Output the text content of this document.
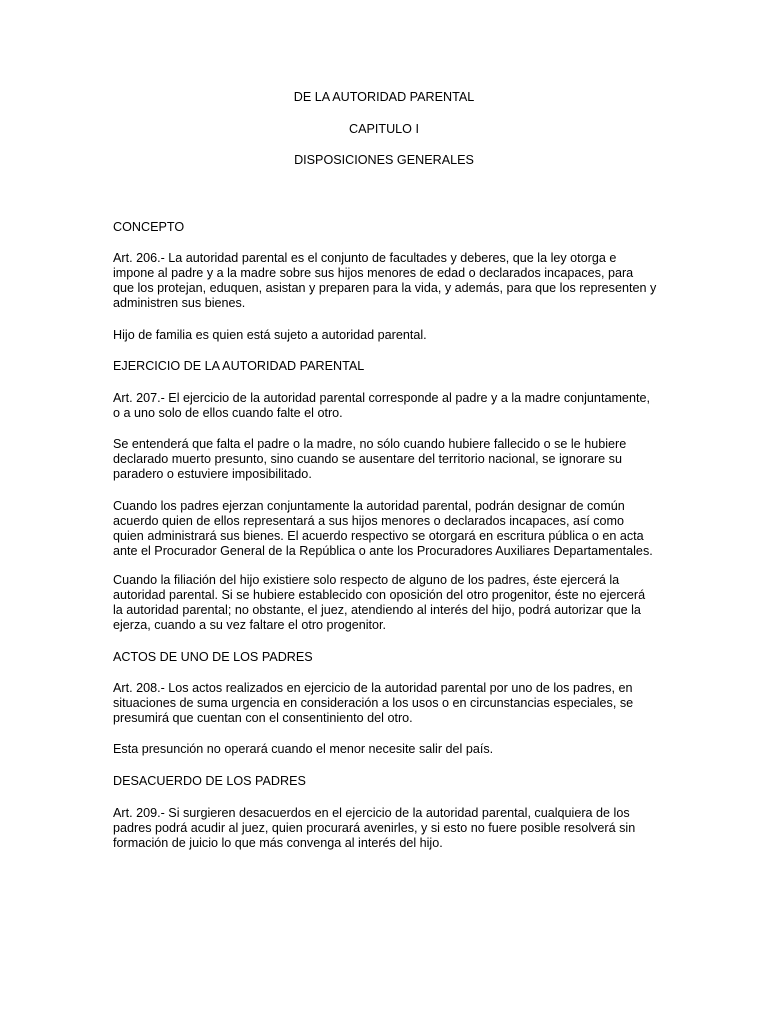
DE LA AUTORIDAD PARENTAL
CAPITULO I
DISPOSICIONES GENERALES
CONCEPTO
Art. 206.- La autoridad parental es el conjunto de facultades y deberes, que la ley otorga e
impone al padre y a la madre sobre sus hijos menores de edad o declarados incapaces, para
que los protejan, eduquen, asistan y preparen para la vida, y además, para que los representen y
administren sus bienes.
Hijo de familia es quien está sujeto a autoridad parental.
EJERCICIO DE LA AUTORIDAD PARENTAL
Art. 207.- El ejercicio de la autoridad parental corresponde al padre y a la madre conjuntamente,
o a uno solo de ellos cuando falte el otro.
Se entenderá que falta el padre o la madre, no sólo cuando hubiere fallecido o se le hubiere
declarado muerto presunto, sino cuando se ausentare del territorio nacional, se ignorare su
paradero o estuviere imposibilitado.
Cuando los padres ejerzan conjuntamente la autoridad parental, podrán designar de común
acuerdo quien de ellos representará a sus hijos menores o declarados incapaces, así como
quien administrará sus bienes. El acuerdo respectivo se otorgará en escritura pública o en acta
ante el Procurador General de la República o ante los Procuradores Auxiliares Departamentales.
Cuando la filiación del hijo existiere solo respecto de alguno de los padres, éste ejercerá la
autoridad parental. Si se hubiere establecido con oposición del otro progenitor, éste no ejercerá
la autoridad parental; no obstante, el juez, atendiendo al interés del hijo, podrá autorizar que la
ejerza, cuando a su vez faltare el otro progenitor.
ACTOS DE UNO DE LOS PADRES
Art. 208.- Los actos realizados en ejercicio de la autoridad parental por uno de los padres, en
situaciones de suma urgencia en consideración a los usos o en circunstancias especiales, se
presumirá que cuentan con el consentiniento del otro.
Esta presunción no operará cuando el menor necesite salir del país.
DESACUERDO DE LOS PADRES
Art. 209.- Si surgieren desacuerdos en el ejercicio de la autoridad parental, cualquiera de los
padres podrá acudir al juez, quien procurará avenirles, y si esto no fuere posible resolverá sin
formación de juicio lo que más convenga al interés del hijo.
